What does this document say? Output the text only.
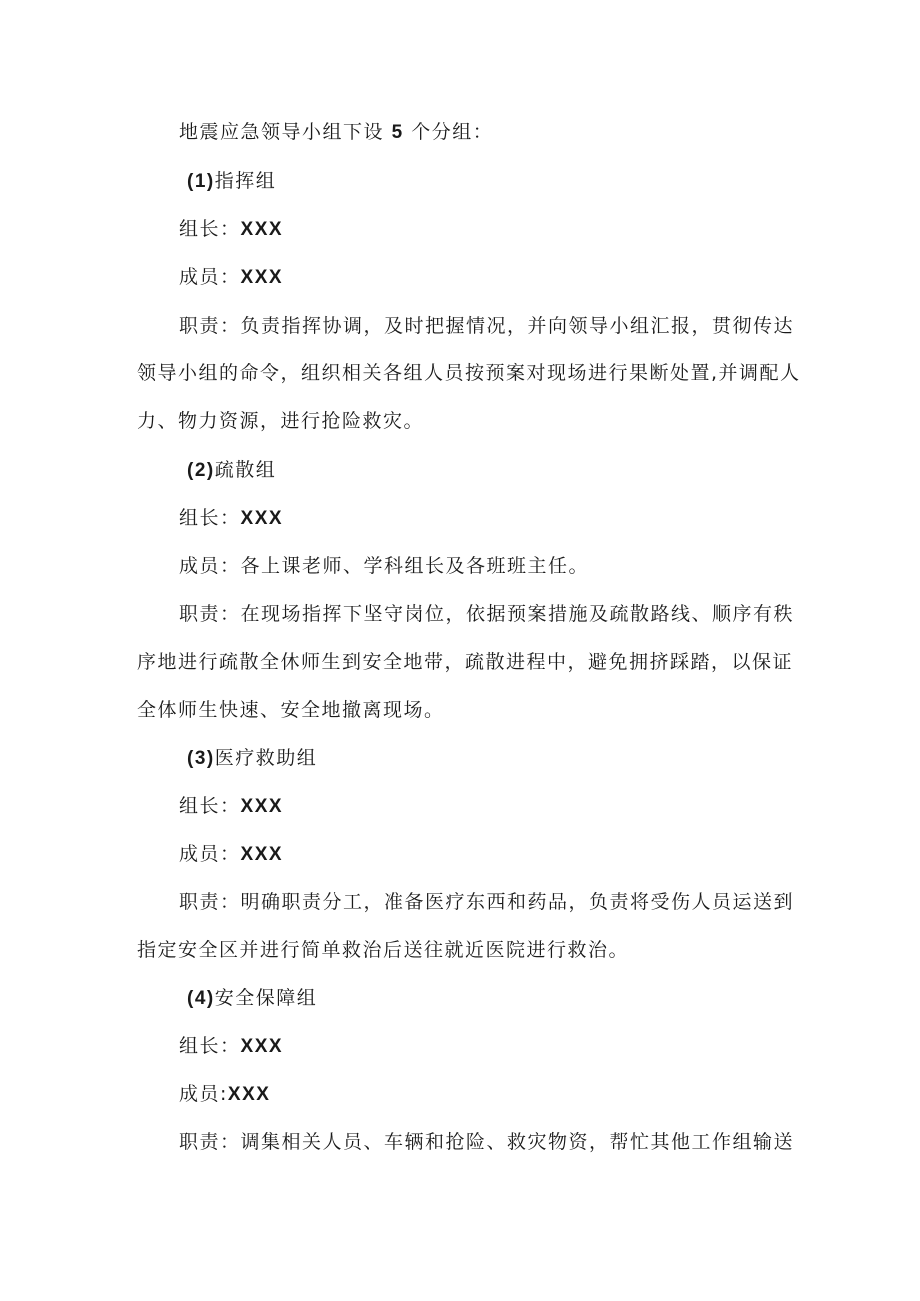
地震应急领导小组下设 5 个分组：
(1)指挥组
组长：XXX
成员：XXX
职责：负责指挥协调，及时把握情况，并向领导小组汇报，贯彻传达
领导小组的命令，组织相关各组人员按预案对现场进行果断处置,并调配人
力、物力资源，进行抢险救灾。
(2)疏散组
组长：XXX
成员：各上课老师、学科组长及各班班主任。
职责：在现场指挥下坚守岗位，依据预案措施及疏散路线、顺序有秩
序地进行疏散全休师生到安全地带，疏散进程中，避免拥挤踩踏，以保证
全体师生快速、安全地撤离现场。
(3)医疗救助组
组长：XXX
成员：XXX
职责：明确职责分工，准备医疗东西和药品，负责将受伤人员运送到
指定安全区并进行简单救治后送往就近医院进行救治。
(4)安全保障组
组长：XXX
成员:XXX
职责：调集相关人员、车辆和抢险、救灾物资，帮忙其他工作组输送
